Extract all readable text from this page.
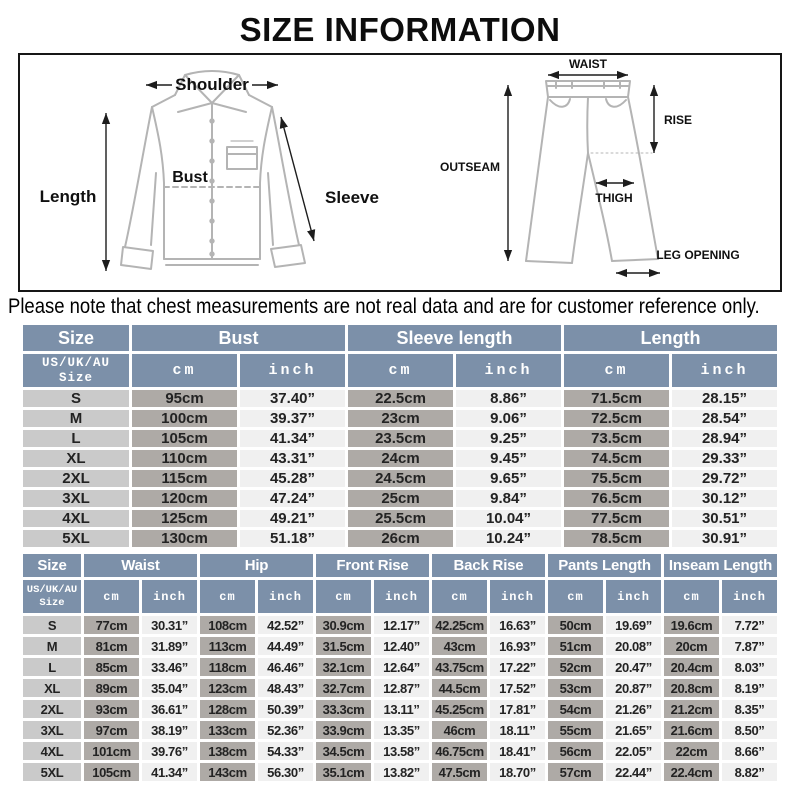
SIZE INFORMATION
Shoulder
Length
Bust
Sleeve
WAIST
RISE
OUTSEAM
THIGH
LEG OPENING
Please note that chest measurements are not real data and are for customer reference only.
Size	Bust		Sleeve length		Length	
US/UK/AU Size	cm	inch	cm	inch	cm	inch
S	95cm	37.40”	22.5cm	8.86”	71.5cm	28.15”
M	100cm	39.37”	23cm	9.06”	72.5cm	28.54”
L	105cm	41.34”	23.5cm	9.25”	73.5cm	28.94”
XL	110cm	43.31”	24cm	9.45”	74.5cm	29.33”
2XL	115cm	45.28”	24.5cm	9.65”	75.5cm	29.72”
3XL	120cm	47.24”	25cm	9.84”	76.5cm	30.12”
4XL	125cm	49.21”	25.5cm	10.04”	77.5cm	30.51”
5XL	130cm	51.18”	26cm	10.24”	78.5cm	30.91”
Size	Waist		Hip		Front Rise		Back Rise		Pants Length		Inseam Length	
US/UK/AU Size	cm	inch	cm	inch	cm	inch	cm	inch	cm	inch	cm	inch
S	77cm	30.31”	108cm	42.52”	30.9cm	12.17”	42.25cm	16.63”	50cm	19.69”	19.6cm	7.72”
M	81cm	31.89”	113cm	44.49”	31.5cm	12.40”	43cm	16.93”	51cm	20.08”	20cm	7.87”
L	85cm	33.46”	118cm	46.46”	32.1cm	12.64”	43.75cm	17.22”	52cm	20.47”	20.4cm	8.03”
XL	89cm	35.04”	123cm	48.43”	32.7cm	12.87”	44.5cm	17.52”	53cm	20.87”	20.8cm	8.19”
2XL	93cm	36.61”	128cm	50.39”	33.3cm	13.11”	45.25cm	17.81”	54cm	21.26”	21.2cm	8.35”
3XL	97cm	38.19”	133cm	52.36”	33.9cm	13.35”	46cm	18.11”	55cm	21.65”	21.6cm	8.50”
4XL	101cm	39.76”	138cm	54.33”	34.5cm	13.58”	46.75cm	18.41”	56cm	22.05”	22cm	8.66”
5XL	105cm	41.34”	143cm	56.30”	35.1cm	13.82”	47.5cm	18.70”	57cm	22.44”	22.4cm	8.82”
